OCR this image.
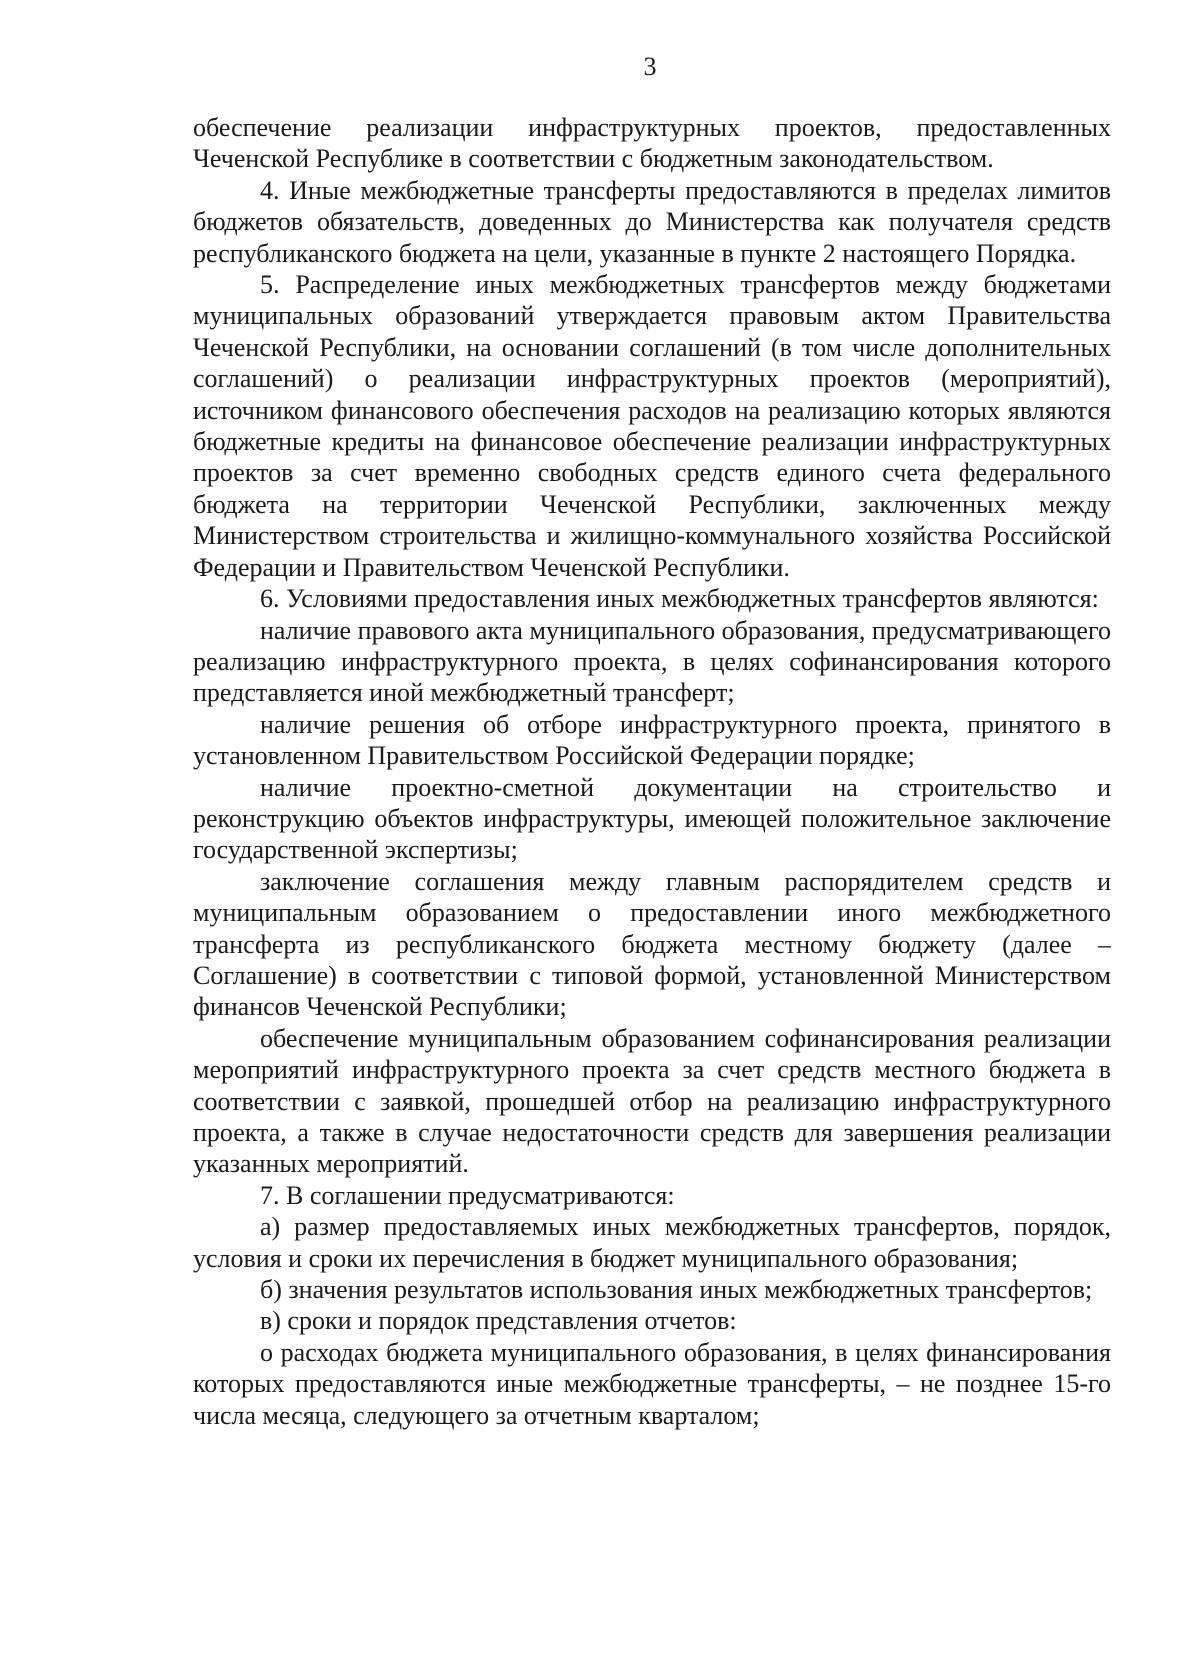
3

обеспечение реализации инфраструктурных проектов, предоставленных Чеченской Республике в соответствии с бюджетным законодательством.

4. Иные межбюджетные трансферты предоставляются в пределах лимитов бюджетов обязательств, доведенных до Министерства как получателя средств республиканского бюджета на цели, указанные в пункте 2 настоящего Порядка.

5. Распределение иных межбюджетных трансфертов между бюджетами муниципальных образований утверждается правовым актом Правительства Чеченской Республики, на основании соглашений (в том числе дополнительных соглашений) о реализации инфраструктурных проектов (мероприятий), источником финансового обеспечения расходов на реализацию которых являются бюджетные кредиты на финансовое обеспечение реализации инфраструктурных проектов за счет временно свободных средств единого счета федерального бюджета на территории Чеченской Республики, заключенных между Министерством строительства и жилищно-коммунального хозяйства Российской Федерации и Правительством Чеченской Республики.

6. Условиями предоставления иных межбюджетных трансфертов являются:

наличие правового акта муниципального образования, предусматривающего реализацию инфраструктурного проекта, в целях софинансирования которого представляется иной межбюджетный трансферт;

наличие решения об отборе инфраструктурного проекта, принятого в установленном Правительством Российской Федерации порядке;

наличие проектно-сметной документации на строительство и реконструкцию объектов инфраструктуры, имеющей положительное заключение государственной экспертизы;

заключение соглашения между главным распорядителем средств и муниципальным образованием о предоставлении иного межбюджетного трансферта из республиканского бюджета местному бюджету (далее – Соглашение) в соответствии с типовой формой, установленной Министерством финансов Чеченской Республики;

обеспечение муниципальным образованием софинансирования реализации мероприятий инфраструктурного проекта за счет средств местного бюджета в соответствии с заявкой, прошедшей отбор на реализацию инфраструктурного проекта, а также в случае недостаточности средств для завершения реализации указанных мероприятий.

7. В соглашении предусматриваются:

а) размер предоставляемых иных межбюджетных трансфертов, порядок, условия и сроки их перечисления в бюджет муниципального образования;

б) значения результатов использования иных межбюджетных трансфертов;

в) сроки и порядок представления отчетов:

о расходах бюджета муниципального образования, в целях финансирования которых предоставляются иные межбюджетные трансферты, – не позднее 15-го числа месяца, следующего за отчетным кварталом;
